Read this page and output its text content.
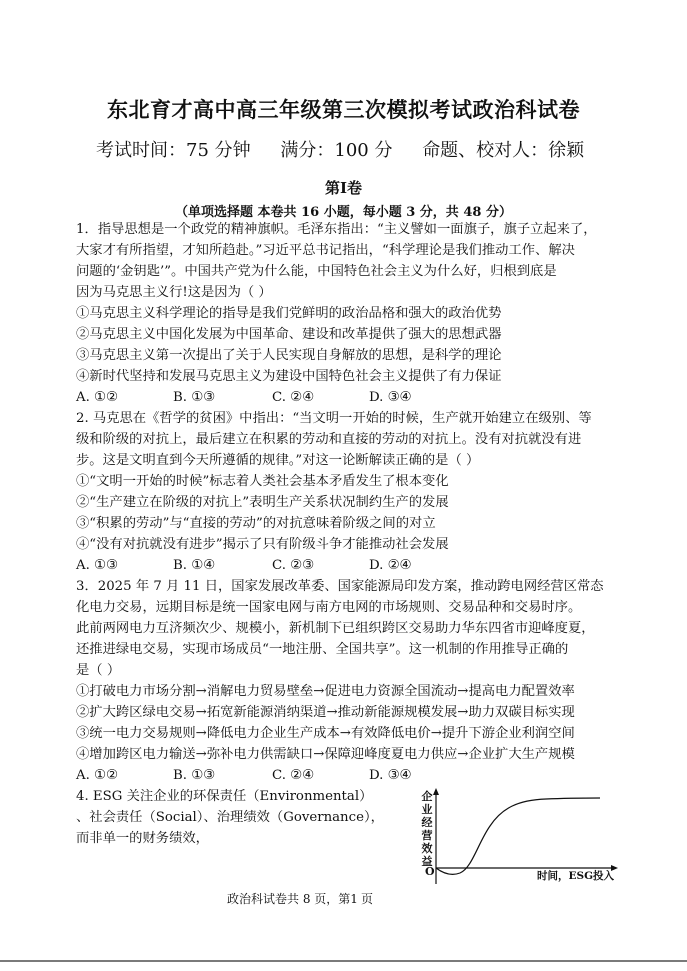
东北育才高中高三年级第三次模拟考试政治科试卷
考试时间：75 分钟 满分：100 分 命题、校对人：徐颖
第Ⅰ卷
（单项选择题 本卷共 16 小题，每小题 3 分，共 48 分）
1．指导思想是一个政党的精神旗帜。毛泽东指出：“主义譬如一面旗子，旗子立起来了，
大家才有所指望，才知所趋赴。”习近平总书记指出，“科学理论是我们推动工作、解决
问题的‘金钥匙’”。中国共产党为什么能，中国特色社会主义为什么好，归根到底是
因为马克思主义行!这是因为（ ）
①马克思主义科学理论的指导是我们党鲜明的政治品格和强大的政治优势
②马克思主义中国化发展为中国革命、建设和改革提供了强大的思想武器
③马克思主义第一次提出了关于人民实现自身解放的思想，是科学的理论
④新时代坚持和发展马克思主义为建设中国特色社会主义提供了有力保证
A. ①②	B. ①③	C. ②④	D. ③④
2. 马克思在《哲学的贫困》中指出：“当文明一开始的时候，生产就开始建立在级别、等
级和阶级的对抗上，最后建立在积累的劳动和直接的劳动的对抗上。没有对抗就没有进
步。这是文明直到今天所遵循的规律。”对这一论断解读正确的是（ ）
①“文明一开始的时候”标志着人类社会基本矛盾发生了根本变化
②“生产建立在阶级的对抗上”表明生产关系状况制约生产的发展
③“积累的劳动”与“直接的劳动”的对抗意味着阶级之间的对立
④“没有对抗就没有进步”揭示了只有阶级斗争才能推动社会发展
A. ①③	B. ①④	C. ②③	D. ②④
3．2025 年 7 月 11 日，国家发展改革委、国家能源局印发方案，推动跨电网经营区常态
化电力交易，远期目标是统一国家电网与南方电网的市场规则、交易品种和交易时序。
此前两网电力互济频次少、规模小，新机制下已组织跨区交易助力华东四省市迎峰度夏，
还推进绿电交易，实现市场成员“一地注册、全国共享”。这一机制的作用推导正确的
是（ ）
①打破电力市场分割→消解电力贸易壁垒→促进电力资源全国流动→提高电力配置效率
②扩大跨区绿电交易→拓宽新能源消纳渠道→推动新能源规模发展→助力双碳目标实现
③统一电力交易规则→降低电力企业生产成本→有效降低电价→提升下游企业利润空间
④增加跨区电力输送→弥补电力供需缺口→保障迎峰度夏电力供应→企业扩大生产规模
A. ①②	B. ①③	C. ②④	D. ③④
4. ESG 关注企业的环保责任（Environmental）
、社会责任（Social）、治理绩效（Governance），
而非单一的财务绩效，
企业经营效益
O	时间，ESG投入
政治科试卷共 8 页，第1 页
